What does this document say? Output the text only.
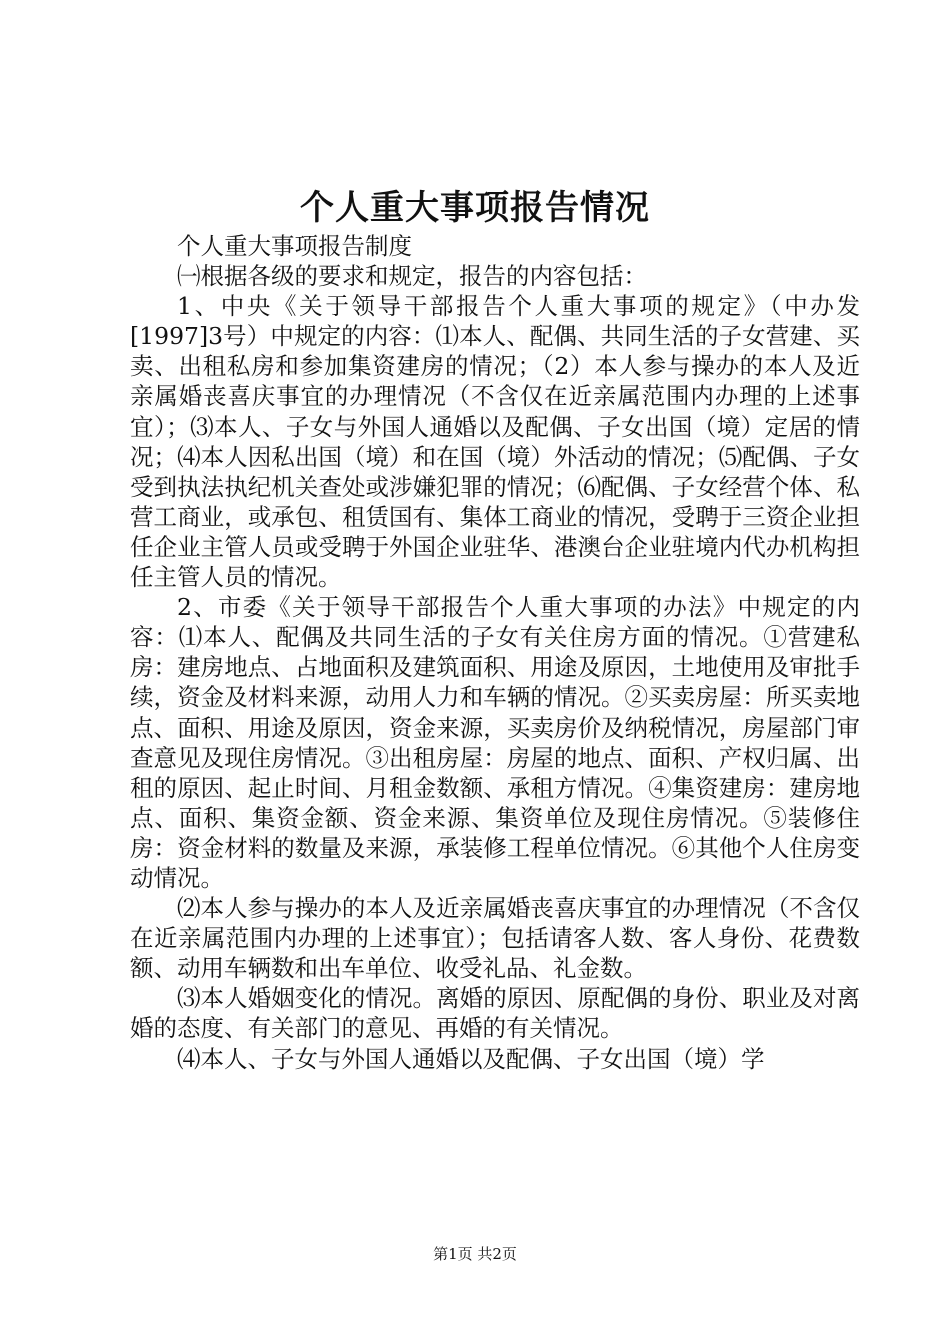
个人重大事项报告情况

个人重大事项报告制度

㈠根据各级的要求和规定，报告的内容包括：

1、中央《关于领导干部报告个人重大事项的规定》（中办发[1997]3号）中规定的内容：⑴本人、配偶、共同生活的子女营建、买卖、出租私房和参加集资建房的情况；（2）本人参与操办的本人及近亲属婚丧喜庆事宜的办理情况（不含仅在近亲属范围内办理的上述事宜）；⑶本人、子女与外国人通婚以及配偶、子女出国（境）定居的情况；⑷本人因私出国（境）和在国（境）外活动的情况；⑸配偶、子女受到执法执纪机关查处或涉嫌犯罪的情况；⑹配偶、子女经营个体、私营工商业，或承包、租赁国有、集体工商业的情况，受聘于三资企业担任企业主管人员或受聘于外国企业驻华、港澳台企业驻境内代办机构担任主管人员的情况。

2、市委《关于领导干部报告个人重大事项的办法》中规定的内容：⑴本人、配偶及共同生活的子女有关住房方面的情况。①营建私房：建房地点、占地面积及建筑面积、用途及原因，土地使用及审批手续，资金及材料来源，动用人力和车辆的情况。②买卖房屋：所买卖地点、面积、用途及原因，资金来源，买卖房价及纳税情况，房屋部门审查意见及现住房情况。③出租房屋：房屋的地点、面积、产权归属、出租的原因、起止时间、月租金数额、承租方情况。④集资建房：建房地点、面积、集资金额、资金来源、集资单位及现住房情况。⑤装修住房：资金材料的数量及来源，承装修工程单位情况。⑥其他个人住房变动情况。

⑵本人参与操办的本人及近亲属婚丧喜庆事宜的办理情况（不含仅在近亲属范围内办理的上述事宜）；包括请客人数、客人身份、花费数额、动用车辆数和出车单位、收受礼品、礼金数。

⑶本人婚姻变化的情况。离婚的原因、原配偶的身份、职业及对离婚的态度、有关部门的意见、再婚的有关情况。

⑷本人、子女与外国人通婚以及配偶、子女出国（境）学

第1页 共2页
